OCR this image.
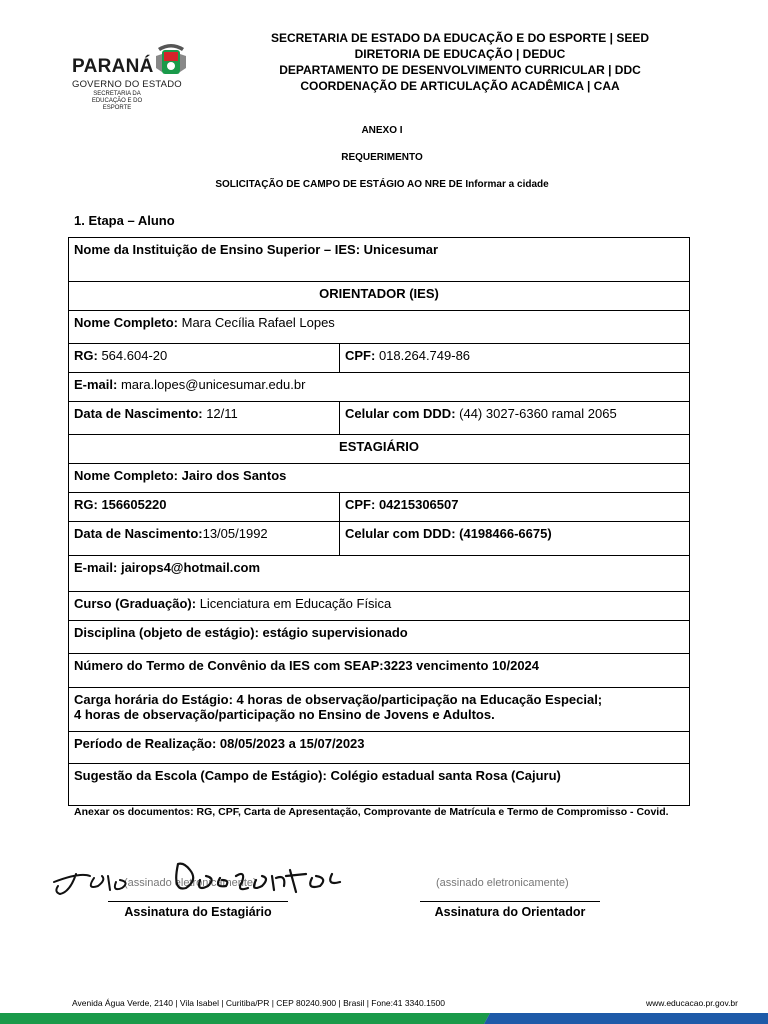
PARANÁ
GOVERNO DO ESTADO
SECRETARIA DA EDUCAÇÃO E DO ESPORTE
SECRETARIA DE ESTADO DA EDUCAÇÃO E DO ESPORTE | SEED
DIRETORIA DE EDUCAÇÃO | DEDUC
DEPARTAMENTO DE DESENVOLVIMENTO CURRICULAR | DDC
COORDENAÇÃO DE ARTICULAÇÃO ACADÊMICA | CAA
ANEXO I
REQUERIMENTO
SOLICITAÇÃO DE CAMPO DE ESTÁGIO AO NRE DE Informar a cidade
1. Etapa – Aluno
Nome da Instituição de Ensino Superior – IES: Unicesumar	
ORIENTADOR (IES)	
Nome Completo: Mara Cecília Rafael Lopes	
RG: 564.604-20	CPF: 018.264.749-86
E-mail: mara.lopes@unicesumar.edu.br	
Data de Nascimento: 12/11	Celular com DDD: (44) 3027-6360 ramal 2065
ESTAGIÁRIO	
Nome Completo: Jairo dos Santos	
RG: 156605220	CPF: 04215306507
Data de Nascimento:13/05/1992	Celular com DDD: (4198466-6675)
E-mail: jairops4@hotmail.com	
Curso (Graduação): Licenciatura em Educação Física	
Disciplina (objeto de estágio): estágio supervisionado	
Número do Termo de Convênio da IES com SEAP:3223 vencimento 10/2024	

Carga horária do Estágio: 4 horas de observação/participação na Educação Especial;
4 horas de observação/participação no Ensino de Jovens e Adultos.	

Período de Realização: 08/05/2023 a 15/07/2023	
Sugestão da Escola (Campo de Estágio): Colégio estadual santa Rosa (Cajuru)	
Anexar os documentos: RG, CPF, Carta de Apresentação, Comprovante de Matrícula e Termo de Compromisso - Covid.
(assinado eletronicamente)
Assinatura do Estagiário
(assinado eletronicamente)
Assinatura do Orientador
Avenida Água Verde, 2140 | Vila Isabel | Curitiba/PR | CEP 80240.900 | Brasil | Fone:41 3340.1500	www.educacao.pr.gov.br
